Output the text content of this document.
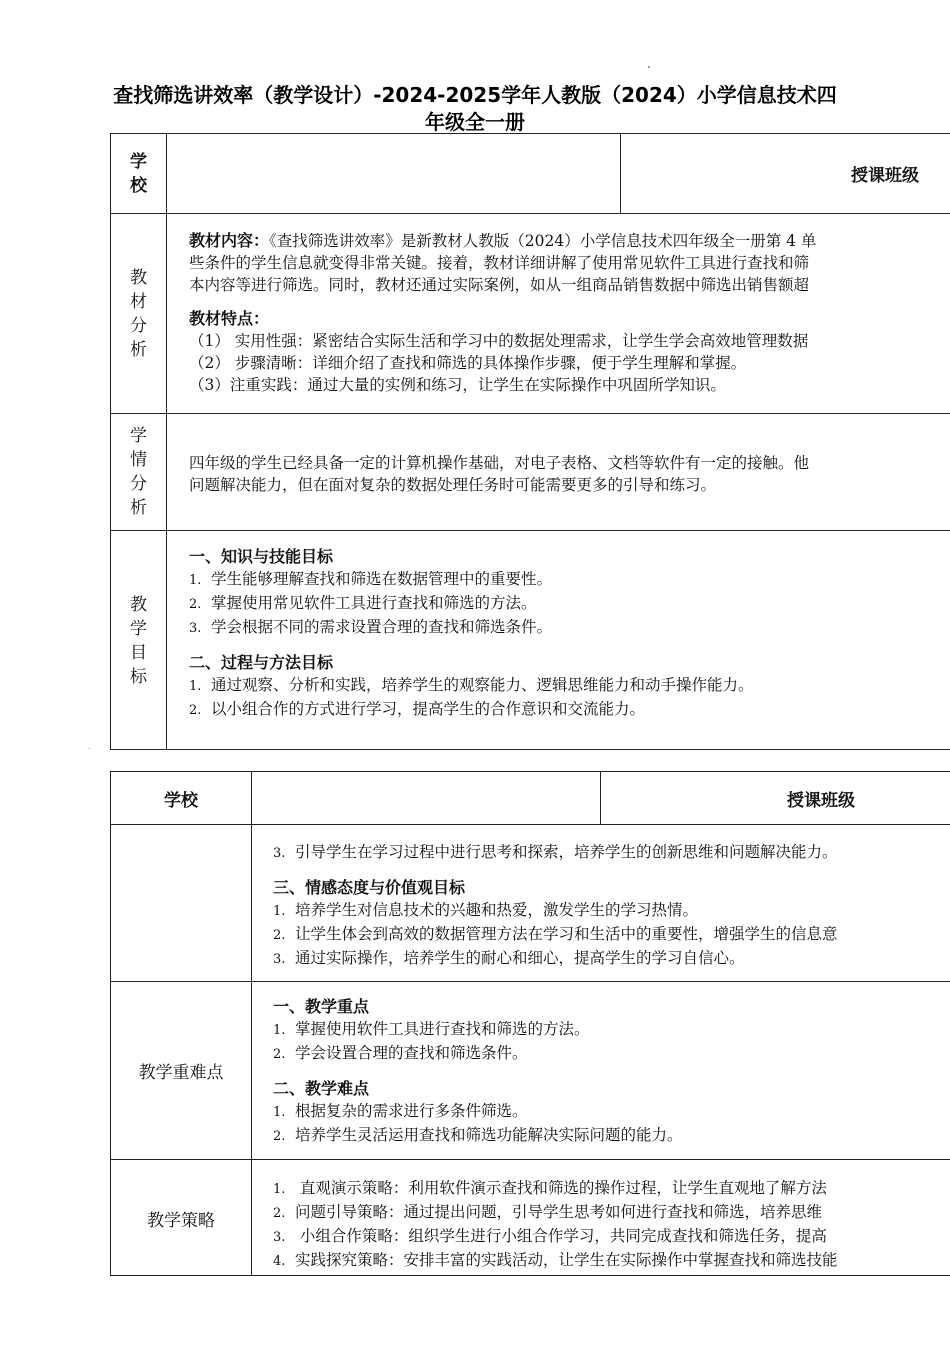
查找筛选讲效率（教学设计）-2024-2025学年人教版（2024）小学信息技术四
年级全一册
学
校	授课班级
教
材
分
析
教材内容：《查找筛选讲效率》是新教材人教版（2024）小学信息技术四年级全一册第 4 单
些条件的学生信息就变得非常关键。接着，教材详细讲解了使用常见软件工具进行查找和筛
本内容等进行筛选。同时，教材还通过实际案例，如从一组商品销售数据中筛选出销售额超
教材特点：
（1） 实用性强：紧密结合实际生活和学习中的数据处理需求，让学生学会高效地管理数据
（2） 步骤清晰：详细介绍了查找和筛选的具体操作步骤，便于学生理解和掌握。
（3）注重实践：通过大量的实例和练习，让学生在实际操作中巩固所学知识。
学
情
分
析
四年级的学生已经具备一定的计算机操作基础，对电子表格、文档等软件有一定的接触。他
问题解决能力，但在面对复杂的数据处理任务时可能需要更多的引导和练习。
教
学
目
标
一、知识与技能目标
1. 学生能够理解查找和筛选在数据管理中的重要性。
2. 掌握使用常见软件工具进行查找和筛选的方法。
3. 学会根据不同的需求设置合理的查找和筛选条件。
二、过程与方法目标
1. 通过观察、分析和实践，培养学生的观察能力、逻辑思维能力和动手操作能力。
2. 以小组合作的方式进行学习，提高学生的合作意识和交流能力。
学校	授课班级
3. 引导学生在学习过程中进行思考和探索，培养学生的创新思维和问题解决能力。
三、情感态度与价值观目标
1. 培养学生对信息技术的兴趣和热爱，激发学生的学习热情。
2. 让学生体会到高效的数据管理方法在学习和生活中的重要性，增强学生的信息意
3. 通过实际操作，培养学生的耐心和细心，提高学生的学习自信心。
教学重难点
一、教学重点
1. 掌握使用软件工具进行查找和筛选的方法。
2. 学会设置合理的查找和筛选条件。
二、教学难点
1. 根据复杂的需求进行多条件筛选。
2. 培养学生灵活运用查找和筛选功能解决实际问题的能力。
教学策略
1. 直观演示策略：利用软件演示查找和筛选的操作过程，让学生直观地了解方法
2. 问题引导策略：通过提出问题，引导学生思考如何进行查找和筛选，培养思维
3. 小组合作策略：组织学生进行小组合作学习，共同完成查找和筛选任务，提高
4. 实践探究策略：安排丰富的实践活动，让学生在实际操作中掌握查找和筛选技能
